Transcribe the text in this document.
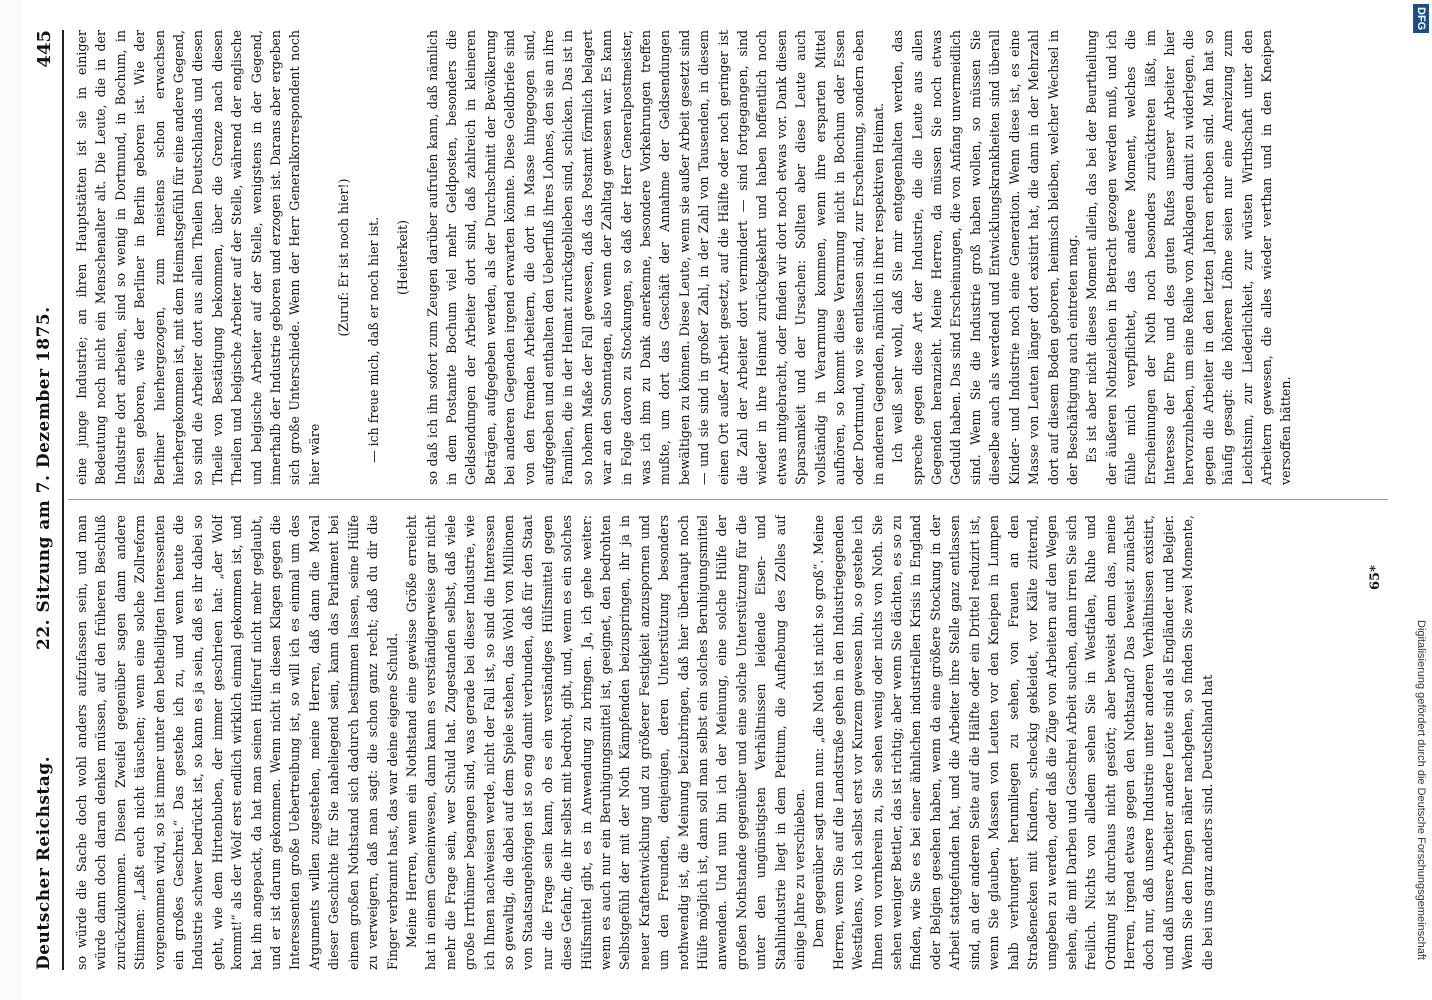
Deutscher Reichstag.
22. Sitzung am 7. Dezember 1875.
445

so würde die Sache doch wohl anders aufzufassen sein, und man würde dann doch daran denken müssen, auf den früheren Beschluß zurückzukommen. Diesen Zweifel gegenüber sagen dann andere Stimmen: „Laßt euch nicht täuschen; wenn eine solche Zollreform vorgenommen wird, so ist immer unter den betheiligten Interessenten ein großes Geschrei.“ Das gestehe ich zu, und wenn heute die Industrie schwer bedrückt ist, so kann es ja sein, daß es ihr dabei so geht, wie dem Hirtenbuben, der immer geschrieen hat: „der Wolf kommt!“ als der Wolf erst endlich wirklich einmal gekommen ist, und hat ihn angepackt, da hat man seinen Hülferuf nicht mehr geglaubt, und er ist darum gekommen. Wenn nicht in diesen Klagen gegen die Interessenten große Uebertreibung ist, so will ich es einmal um des Arguments willen zugestehen, meine Herren, daß dann die Moral dieser Geschichte für Sie naheliegend sein, kann das Parlament bei einem großen Nothstand sich dadurch bestimmen lassen, seine Hülfe zu verweigern, daß man sagt: die schon ganz recht; daß du dir die Finger verbrannt hast, das war deine eigene Schuld. Meine Herren, wenn ein Nothstand eine gewisse Größe erreicht hat in einem Gemeinwesen, dann kann es verständigerweise gar nicht mehr die Frage sein, wer Schuld hat. Zugestanden selbst, daß viele große Irrthümer begangen sind, was gerade bei dieser Industrie, wie ich Ihnen nachweisen werde, nicht der Fall ist, so sind die Interessen so gewaltig, die dabei auf dem Spiele stehen, das Wohl von Millionen von Staatsangehörigen ist so eng damit verbunden, daß für den Staat nur die Frage sein kann, ob es ein verständiges Hülfsmittel gegen diese Gefahr, die ihr selbst mit bedroht, gibt, und, wenn es ein solches Hülfsmittel gibt, es in Anwendung zu bringen. Ja, ich gehe weiter: wenn es auch nur ein Beruhigungsmittel ist, geeignet, den bedrohten Selbstgefühl der mit der Noth Kämpfenden beizuspringen, ihr ja in neuer Kraftentwicklung und zu größerer Festigkeit anzuspornen und um den Freunden, denjenigen, deren Unterstützung besonders nothwendig ist, die Meinung beizubringen, daß hier überhaupt noch Hülfe möglich ist, dann soll man selbst ein solches Beruhigungsmittel anwenden. Und nun bin ich der Meinung, eine solche Hülfe der großen Nothstande gegenüber und eine solche Unterstützung für die unter den ungünstigsten Verhältnissen leidende Eisen- und Stahlindustrie liegt in dem Petitum, die Aufhebung des Zolles auf einige Jahre zu verschieben. Dem gegenüber sagt man nun: „die Noth ist nicht so groß“. Meine Herren, wenn Sie auf die Landstraße gehen in den Industriegegenden Westfalens, wo ich selbst erst vor Kurzem gewesen bin, so gestehe ich Ihnen von vornherein zu, Sie sehen wenig oder nichts von Noth. Sie sehen weniger Bettler, das ist richtig; aber wenn Sie dächten, es so zu finden, wie Sie es bei einer ähnlichen industriellen Krisis in England oder Belgien gesehen haben, wenn da eine größere Stockung in der Arbeit stattgefunden hat, und die Arbeiter ihre Stelle ganz entlassen sind, an der anderen Seite auf die Hälfte oder ein Drittel reduzirt ist, wenn Sie glauben, Massen von Leuten vor den Kneipen in Lumpen halb verhungert herumliegen zu sehen, von Frauen an den Straßenecken mit Kindern, scheckig gekleidet, vor Kälte zitternd, umgeben zu werden, oder daß die Züge von Arbeitern auf den Wegen sehen, die mit Darben und Geschrei Arbeit suchen, dann irren Sie sich freilich. Nichts von alledem sehen Sie in Westfalen, Ruhe und Ordnung ist durchaus nicht gestört; aber beweist denn das, meine Herren, irgend etwas gegen den Nothstand? Das beweist zunächst doch nur, daß unsere Industrie unter anderen Verhältnissen existirt, und daß unsere Arbeiter andere Leute sind als Engländer und Belgier. Wenn Sie den Dingen näher nachgehen, so finden Sie zwei Momente, die bei uns ganz anders sind. Deutschland hat

eine junge Industrie; an ihren Hauptstätten ist sie in einiger Bedeutung noch nicht ein Menschenalter alt. Die Leute, die in der Industrie dort arbeiten, sind so wenig in Dortmund, in Bochum, in Essen geboren, wie der Berliner in Berlin geboren ist. Wie der Berliner hierhergezogen, zum meistens schon erwachsen hierhergekommen ist, mit dem Heimatsgefühl für eine andere Gegend, so sind die Arbeiter dort aus allen Theilen Deutschlands und diesen Theile von Bestätigung bekommen, über die Grenze nach diesen Theilen und belgische Arbeiter auf der Stelle, während der englische und belgische Arbeiter auf der Stelle, wenigstens in der Gegend, innerhalb der Industrie geboren und erzogen ist. Darans aber ergeben sich große Unterschiede. Wenn der Herr Generalkorrespondent noch hier wäre

(Zuruf: Er ist noch hier!) — ich freue mich, daß er noch hier ist. (Heiterkeit) so daß ich ihn sofort zum Zeugen darüber aufrufen kann, daß nämlich in dem Postamte Bochum viel mehr Geldposten, besonders die Geldsendungen der Arbeiter dort sind, daß zahlreich in kleineren Beträgen, aufgegeben werden, als der Durchschnitt der Bevölkerung bei anderen Gegenden irgend erwarten könnte. Diese Geldbriefe sind von den fremden Arbeitern, die dort in Masse hingegogen sind, aufgegeben und enthalten den Ueberfluß ihres Lohnes, den sie an ihre Familien, die in der Heimat zurückgeblieben sind, schicken. Das ist in so hohem Maße der Fall gewesen, daß das Postamt förmlich belagert war an den Sonntagen, also wenn der Zahltag gewesen war. Es kann in Folge davon zu Stockungen, so daß der Herr Generalpostmeister, was ich ihm zu Dank anerkenne, besondere Vorkehrungen treffen mußte, um dort das Geschäft der Annahme der Geldsendungen bewältigen zu können. Diese Leute, wenn sie außer Arbeit gesetzt sind — und sie sind in großer Zahl, in der Zahl von Tausenden, in diesem einen Ort außer Arbeit gesetzt, auf die Hälfte oder noch geringer ist die Zahl der Arbeiter dort vermindert — sind fortgegangen, sind wieder in ihre Heimat zurückgekehrt und haben hoffentlich noch etwas mitgebracht, oder finden wir dort noch etwas vor. Dank diesen Sparsamkeit und der Ursachen: Sollten aber diese Leute auch vollständig in Verarmung kommen, wenn ihre ersparten Mittel aufhören, so kommt diese Verarmung nicht in Bochum oder Essen oder Dortmund, wo sie entlassen sind, zur Erscheinung, sondern eben in anderen Gegenden, nämlich in ihrer respektiven Heimat. Ich weiß sehr wohl, daß Sie mir entgegenhalten werden, das spreche gegen diese Art der Industrie, die die Leute aus allen Gegenden heranzieht. Meine Herren, da müssen Sie noch etwas Geduld haben. Das sind Erscheinungen, die von Anfang unvermeidlich sind. Wenn Sie die Industrie groß haben wollen, so müssen Sie dieselbe auch als werdend und Entwicklungskrankheiten sind überall Kinder- und Industrie noch eine Generation. Wenn diese ist, es eine Masse von Leuten länger dort existirt hat, die dann in der Mehrzahl dort auf diesem Boden geboren, heimisch bleiben, welcher Wechsel in der Beschäftigung auch eintreten mag. Es ist aber nicht dieses Moment allein, das bei der Beurtheilung der äußeren Nothzeichen in Betracht gezogen werden muß, und ich fühle mich verpflichtet, das andere Moment, welches die Erscheinungen der Noth noch besonders zurücktreten läßt, im Interesse der Ehre und des guten Rufes unserer Arbeiter hier hervorzuheben, um eine Reihe von Anklagen damit zu widerlegen, die gegen die Arbeiter in den letzten Jahren erhoben sind. Man hat so häufig gesagt: die höheren Löhne seien nur eine Anreizung zum Leichtsinn, zur Liederlichkeit, zur wüsten Wirthschaft unter den Arbeitern gewesen, die alles wieder verthan und in den Kneipen versoffen hätten.

65*
DFG
Digitalisierung gefördert durch die Deutsche Forschungsgemeinschaft
